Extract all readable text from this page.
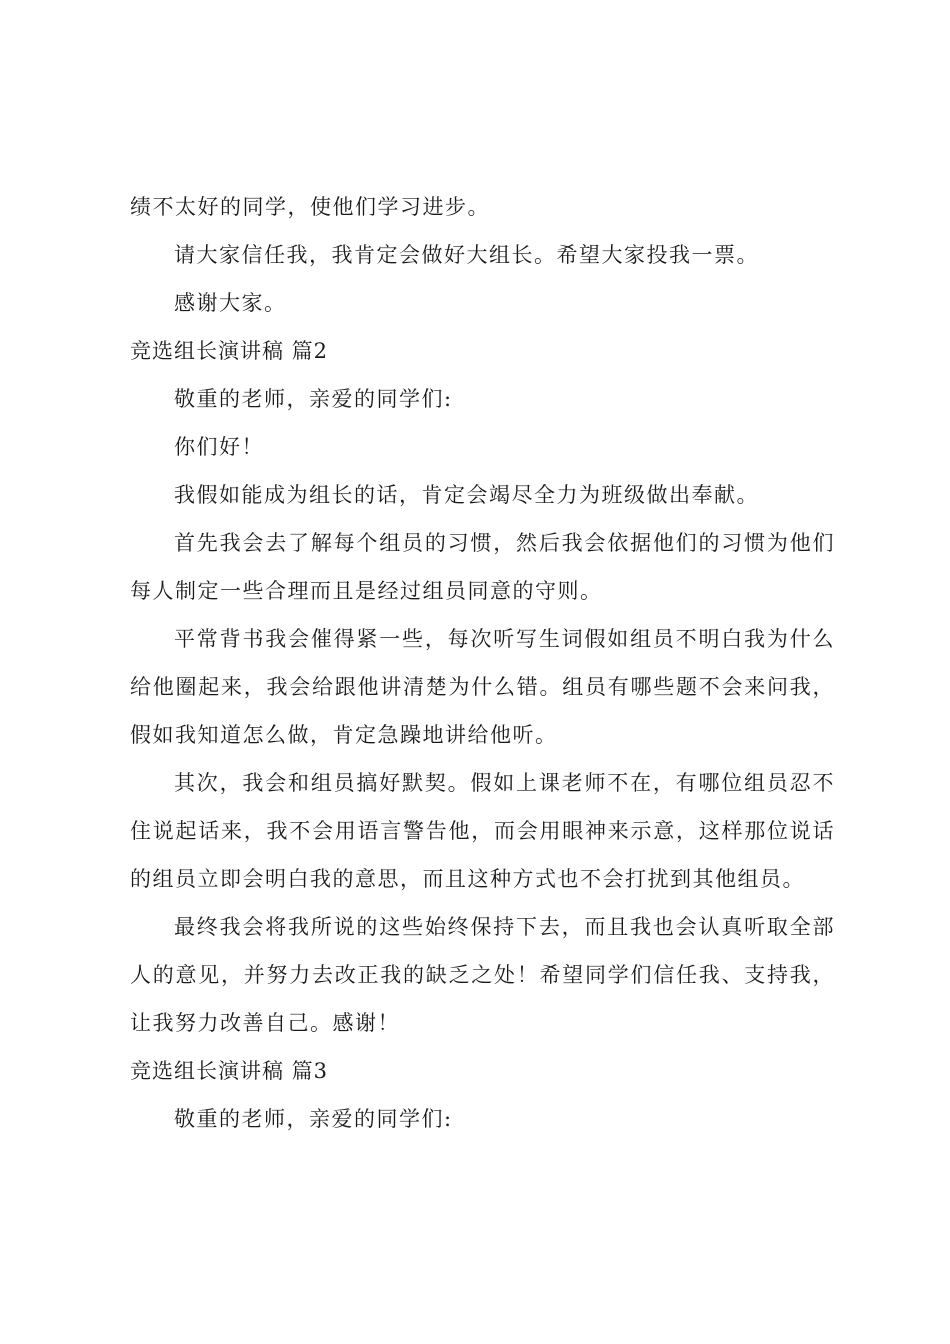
绩不太好的同学，使他们学习进步。
请大家信任我，我肯定会做好大组长。希望大家投我一票。
感谢大家。
竞选组长演讲稿 篇2
敬重的老师，亲爱的同学们:
你们好！
我假如能成为组长的话，肯定会竭尽全力为班级做出奉献。

首先我会去了解每个组员的习惯，然后我会依据他们的习惯为他们每人制定一些合理而且是经过组员同意的守则。

平常背书我会催得紧一些，每次听写生词假如组员不明白我为什么给他圈起来，我会给跟他讲清楚为什么错。组员有哪些题不会来问我，假如我知道怎么做，肯定急躁地讲给他听。

其次，我会和组员搞好默契。假如上课老师不在，有哪位组员忍不住说起话来，我不会用语言警告他，而会用眼神来示意，这样那位说话的组员立即会明白我的意思，而且这种方式也不会打扰到其他组员。

最终我会将我所说的这些始终保持下去，而且我也会认真听取全部人的意见，并努力去改正我的缺乏之处！希望同学们信任我、支持我，让我努力改善自己。感谢！

竞选组长演讲稿 篇3
敬重的老师，亲爱的同学们:
